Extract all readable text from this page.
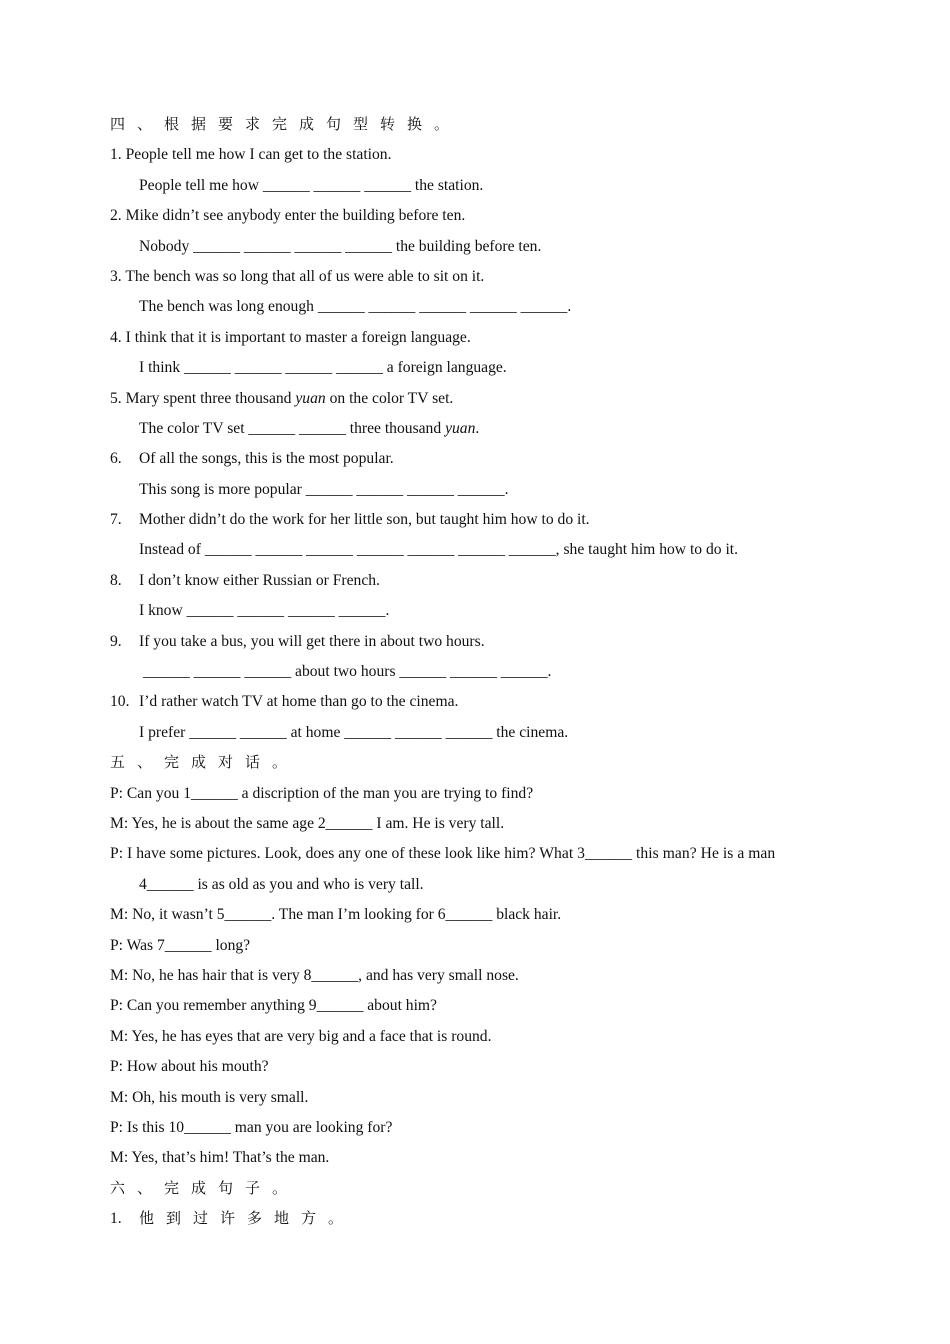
四、根据要求完成句型转换。
1. People tell me how I can get to the station.
People tell me how ______ ______ ______ the station.
2. Mike didn’t see anybody enter the building before ten.
Nobody ______ ______ ______ ______ the building before ten.
3. The bench was so long that all of us were able to sit on it.
The bench was long enough ______ ______ ______ ______ ______.
4. I think that it is important to master a foreign language.
I think ______ ______ ______ ______ a foreign language.
5. Mary spent three thousand yuan on the color TV set.
The color TV set ______ ______ three thousand yuan.
6. Of all the songs, this is the most popular.
This song is more popular ______ ______ ______ ______.
7. Mother didn’t do the work for her little son, but taught him how to do it.
Instead of ______ ______ ______ ______ ______ ______ ______, she taught him how to do it.
8. I don’t know either Russian or French.
I know ______ ______ ______ ______.
9. If you take a bus, you will get there in about two hours.
______ ______ ______ about two hours ______ ______ ______.
10. I’d rather watch TV at home than go to the cinema.
I prefer ______ ______ at home ______ ______ ______ the cinema.
五、完成对话。
P: Can you 1______ a discription of the man you are trying to find?
M: Yes, he is about the same age 2______ I am. He is very tall.
P: I have some pictures. Look, does any one of these look like him? What 3______ this man? He is a man
4______ is as old as you and who is very tall.
M: No, it wasn’t 5______. The man I’m looking for 6______ black hair.
P: Was 7______ long?
M: No, he has hair that is very 8______, and has very small nose.
P: Can you remember anything 9______ about him?
M: Yes, he has eyes that are very big and a face that is round.
P: How about his mouth?
M: Oh, his mouth is very small.
P: Is this 10______ man you are looking for?
M: Yes, that’s him! That’s the man.
六、完成句子。
1. 他到过许多地方。
